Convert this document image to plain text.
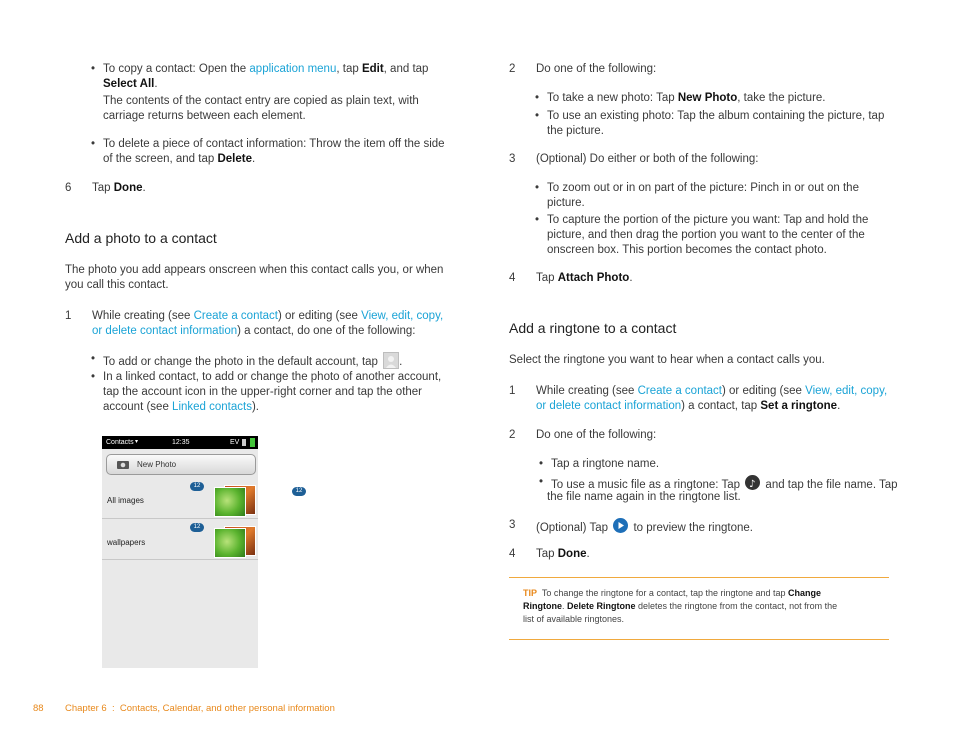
• To copy a contact: Open the application menu, tap Edit, and tap
Select All.
The contents of the contact entry are copied as plain text, with
carriage returns between each element.
• To delete a piece of contact information: Throw the item off the side
of the screen, and tap Delete.
6 Tap Done.
Add a photo to a contact
The photo you add appears onscreen when this contact calls you, or when
you call this contact.
1 While creating (see Create a contact) or editing (see View, edit, copy,
or delete contact information) a contact, do one of the following:
• To add or change the photo in the default account, tap .
• In a linked contact, to add or change the photo of another account,
tap the account icon in the upper-right corner and tap the other
account (see Linked contacts).
Contacts ▾	12:35	EV
New Photo
All images
12
wallpapers
12
12
2 Do one of the following:
• To take a new photo: Tap New Photo, take the picture.
• To use an existing photo: Tap the album containing the picture, tap
the picture.
3 (Optional) Do either or both of the following:
• To zoom out or in on part of the picture: Pinch in or out on the
picture.
• To capture the portion of the picture you want: Tap and hold the
picture, and then drag the portion you want to the center of the
onscreen box. This portion becomes the contact photo.
4 Tap Attach Photo.
Add a ringtone to a contact
Select the ringtone you want to hear when a contact calls you.
1 While creating (see Create a contact) or editing (see View, edit, copy,
or delete contact information) a contact, tap Set a ringtone.
2 Do one of the following:
• Tap a ringtone name.
• To use a music file as a ringtone: Tap ♪ and tap the file name. Tap
the file name again in the ringtone list.
3 (Optional) Tap to preview the ringtone.
4 Tap Done.
TIP To change the ringtone for a contact, tap the ringtone and tap Change
Ringtone. Delete Ringtone deletes the ringtone from the contact, not from the
list of available ringtones.
88 Chapter 6  :  Contacts, Calendar, and other personal information
